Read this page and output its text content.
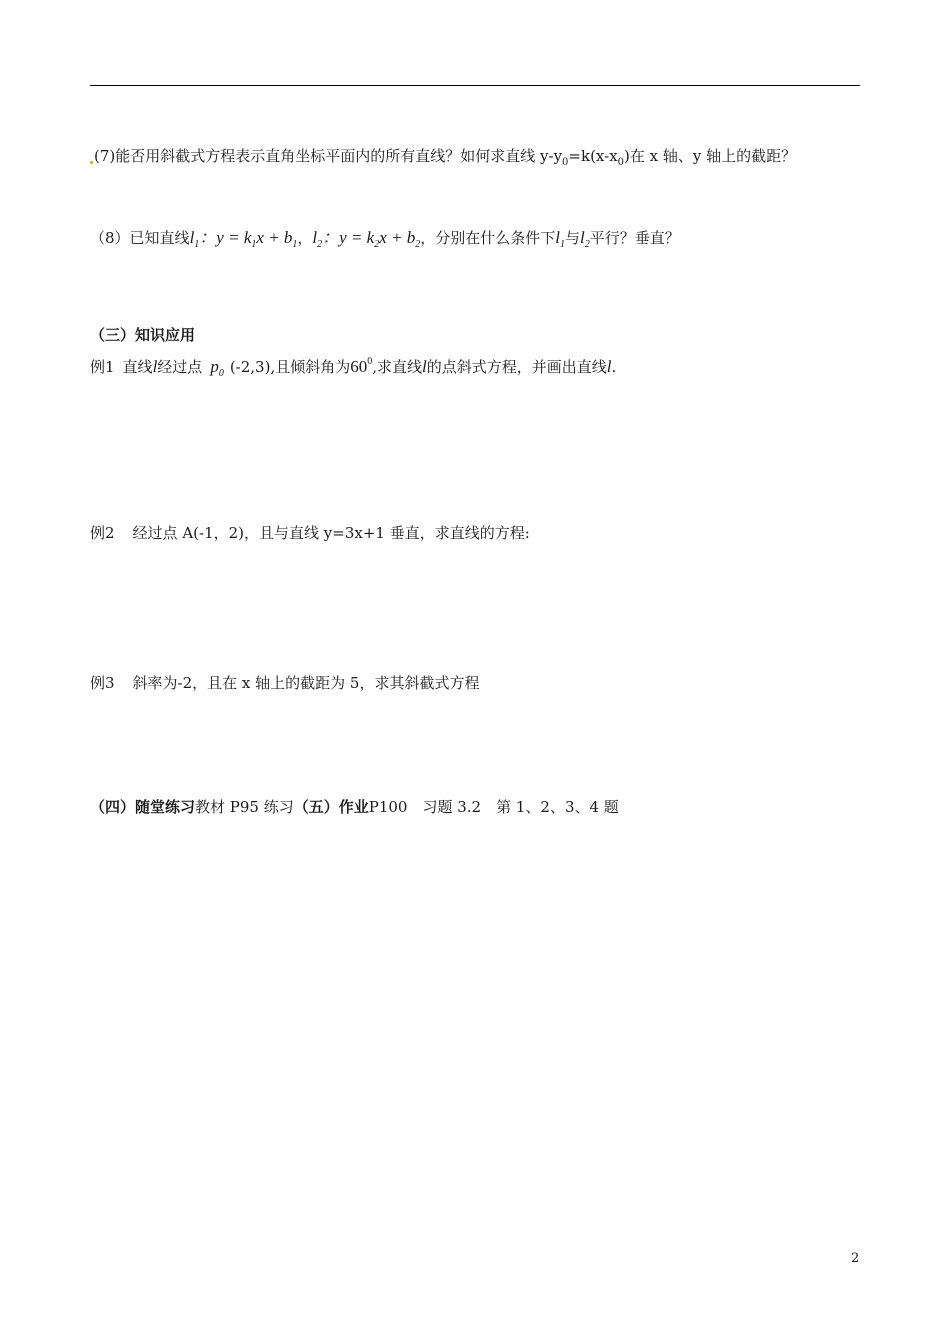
(7)能否用斜截式方程表示直角坐标平面内的所有直线？如何求直线 $y-y_0=k(x-x_0)$在 x 轴、y 轴上的截距？
（8）已知直线$l_1$：$y = k_1x + b_1$，$l_2$：$y = k_2x + b_2$，分别在什么条件下$l_1$与$l_2$平行？垂直？
（三）知识应用
例1 直线l经过点 $p_0$ (-2,3),且倾斜角为$60^0$,求直线l的点斜式方程，并画出直线l.
例2 经过点 A(-1，2)，且与直线 y=3x+1 垂直，求直线的方程:
例3 斜率为-2，且在 x 轴上的截距为 5，求其斜截式方程
（四）随堂练习教材 P95 练习（五）作业P100　习题 3.2　第 1、2、3、4 题
2
